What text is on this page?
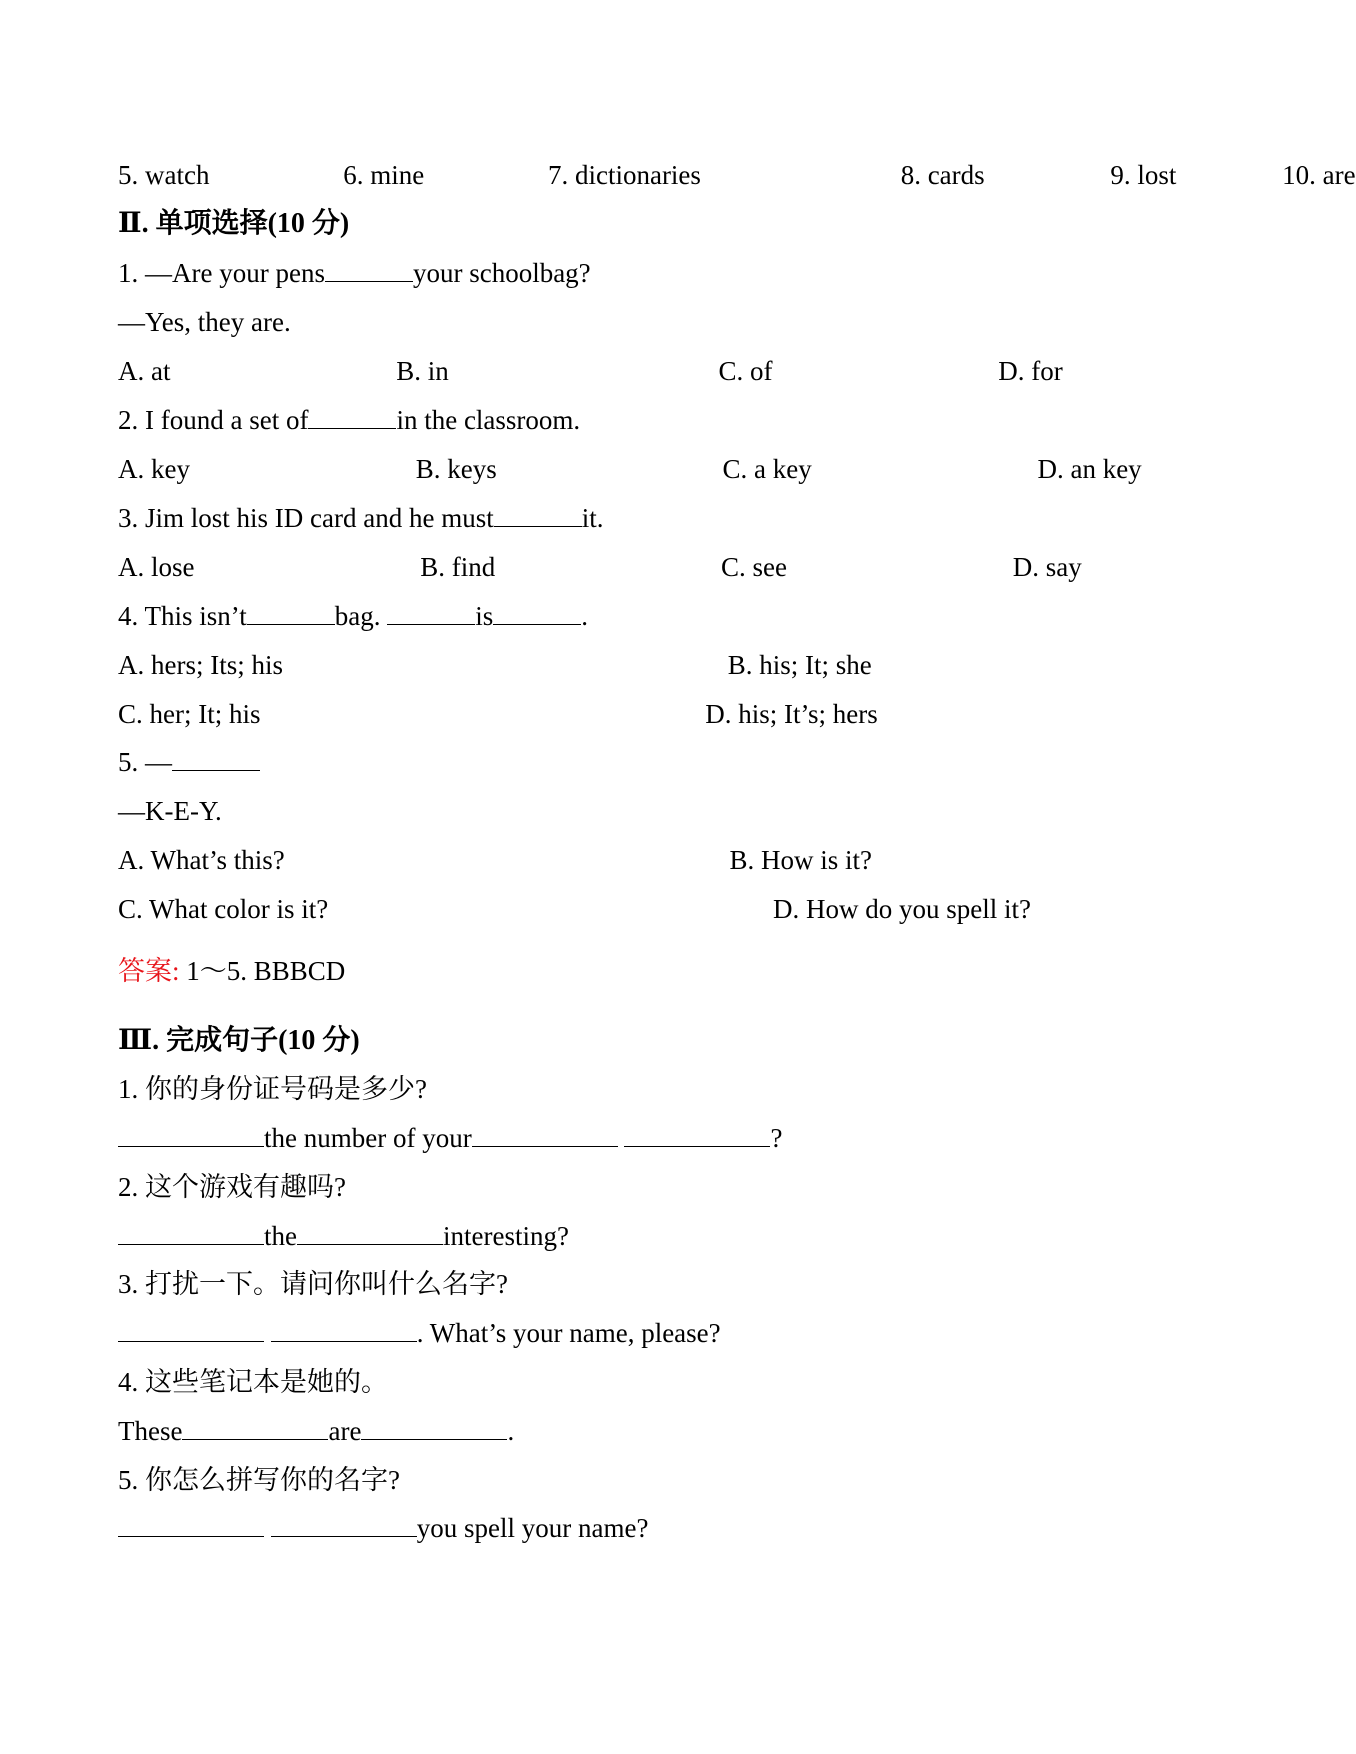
5. watch	6. mine	7. dictionaries	8. cards	9. lost	10. are
Ⅱ. 单项选择(10 分)
1. —Are your pens	your schoolbag?
—Yes, they are.
A. at	B. in	C. of	D. for
2. I found a set of	in the classroom.
A. key	B. keys	C. a key	D. an key
3. Jim lost his ID card and he must	it.
A. lose	B. find	C. see	D. say
4. This isn’t	bag.	is	.
A. hers; Its; his	B. his; It; she
C. her; It; his	D. his; It’s; hers
5. —
—K-E-Y.
A. What’s this?	B. How is it?
C. What color is it?	D. How do you spell it?
答案: 1～5. BBBCD
Ⅲ. 完成句子(10 分)
1. 你的身份证号码是多少?
the number of your	?
2. 这个游戏有趣吗?
the	interesting?
3. 打扰一下。请问你叫什么名字?
. What’s your name, please?
4. 这些笔记本是她的。
These	are	.
5. 你怎么拼写你的名字?
you spell your name?
